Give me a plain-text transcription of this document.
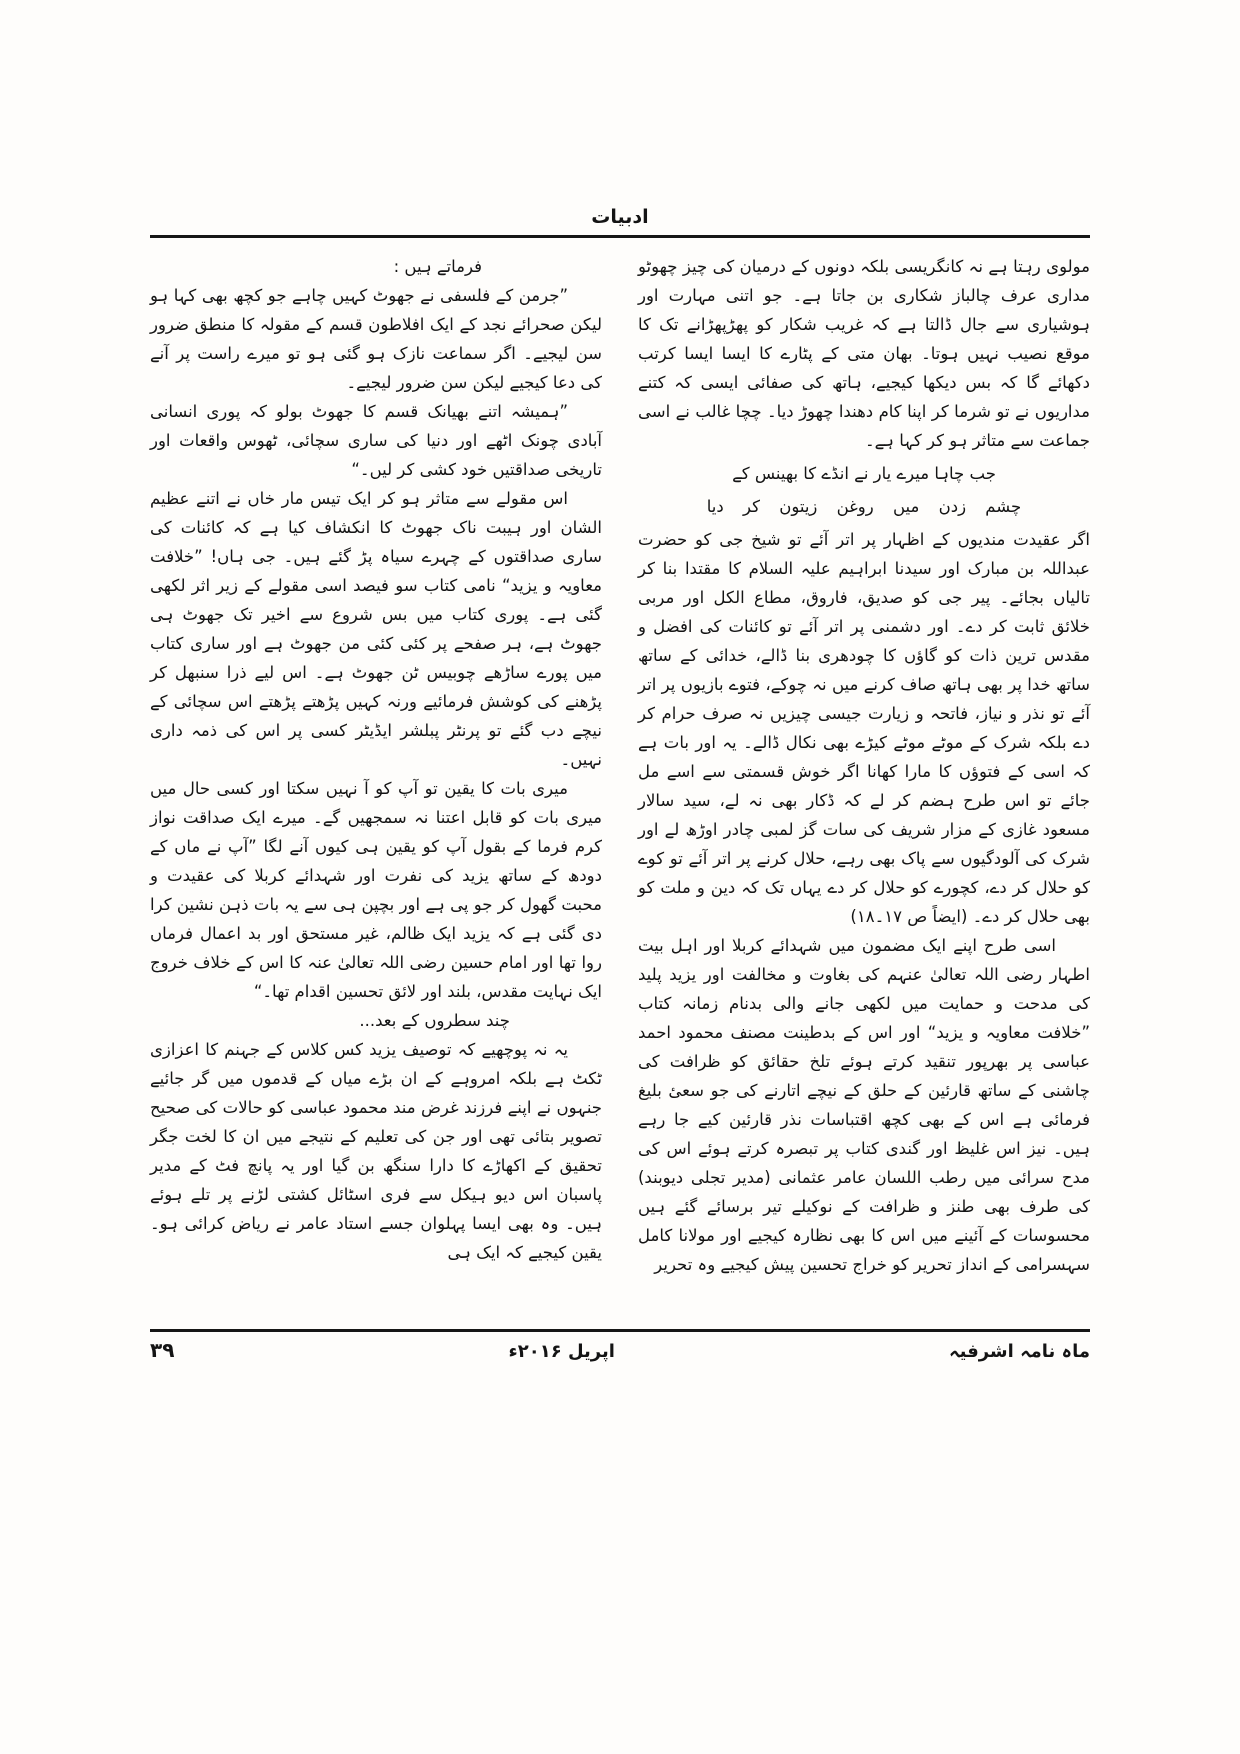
ادبیات

مولوی رہتا ہے نہ کانگریسی بلکہ دونوں کے درمیان کی چیز چھوٹو مداری عرف چالباز شکاری بن جاتا ہے۔ جو اتنی مہارت اور ہوشیاری سے جال ڈالتا ہے کہ غریب شکار کو پھڑپھڑانے تک کا موقع نصیب نہیں ہوتا۔ بھان متی کے پٹارے کا ایسا ایسا کرتب دکھائے گا کہ بس دیکھا کیجیے، ہاتھ کی صفائی ایسی کہ کتنے مداریوں نے تو شرما کر اپنا کام دھندا چھوڑ دیا۔ چچا غالب نے اسی جماعت سے متاثر ہو کر کہا ہے۔

جب چاہا میرے یار نے انڈے کا بھینس کے

چشم زدن میں روغن زیتون کر دیا

اگر عقیدت مندیوں کے اظہار پر اتر آئے تو شیخ جی کو حضرت عبداللہ بن مبارک اور سیدنا ابراہیم علیہ السلام کا مقتدا بنا کر تالیاں بجائے۔ پیر جی کو صدیق، فاروق، مطاع الکل اور مربی خلائق ثابت کر دے۔ اور دشمنی پر اتر آئے تو کائنات کی افضل و مقدس ترین ذات کو گاؤں کا چودھری بنا ڈالے، خدائی کے ساتھ ساتھ خدا پر بھی ہاتھ صاف کرنے میں نہ چوکے، فتوے بازیوں پر اتر آئے تو نذر و نیاز، فاتحہ و زیارت جیسی چیزیں نہ صرف حرام کر دے بلکہ شرک کے موٹے موٹے کیڑے بھی نکال ڈالے۔ یہ اور بات ہے کہ اسی کے فتوؤں کا مارا کھانا اگر خوش قسمتی سے اسے مل جائے تو اس طرح ہضم کر لے کہ ڈکار بھی نہ لے، سید سالار مسعود غازی کے مزار شریف کی سات گز لمبی چادر اوڑھ لے اور شرک کی آلودگیوں سے پاک بھی رہے، حلال کرنے پر اتر آئے تو کوے کو حلال کر دے، کچورے کو حلال کر دے یہاں تک کہ دین و ملت کو بھی حلال کر دے۔ (ایضاً ص ۱۷۔۱۸)

اسی طرح اپنے ایک مضمون میں شہدائے کربلا اور اہل بیت اطہار رضی اللہ تعالیٰ عنہم کی بغاوت و مخالفت اور یزید پلید کی مدحت و حمایت میں لکھی جانے والی بدنام زمانہ کتاب ”خلافت معاویہ و یزید“ اور اس کے بدطینت مصنف محمود احمد عباسی پر بھرپور تنقید کرتے ہوئے تلخ حقائق کو ظرافت کی چاشنی کے ساتھ قارئین کے حلق کے نیچے اتارنے کی جو سعیٔ بلیغ فرمائی ہے اس کے بھی کچھ اقتباسات نذر قارئین کیے جا رہے ہیں۔ نیز اس غلیظ اور گندی کتاب پر تبصرہ کرتے ہوئے اس کی مدح سرائی میں رطب اللسان عامر عثمانی (مدیر تجلی دیوبند) کی طرف بھی طنز و ظرافت کے نوکیلے تیر برسائے گئے ہیں محسوسات کے آئینے میں اس کا بھی نظارہ کیجیے اور مولانا کامل سہسرامی کے انداز تحریر کو خراج تحسین پیش کیجیے وہ تحریر

فرماتے ہیں :

”جرمن کے فلسفی نے جھوٹ کہیں چاہے جو کچھ بھی کہا ہو لیکن صحرائے نجد کے ایک افلاطون قسم کے مقولہ کا منطق ضرور سن لیجیے۔ اگر سماعت نازک ہو گئی ہو تو میرے راست پر آنے کی دعا کیجیے لیکن سن ضرور لیجیے۔

”ہمیشہ اتنے بھیانک قسم کا جھوٹ بولو کہ پوری انسانی آبادی چونک اٹھے اور دنیا کی ساری سچائی، ٹھوس واقعات اور تاریخی صداقتیں خود کشی کر لیں۔“

اس مقولے سے متاثر ہو کر ایک تیس مار خاں نے اتنے عظیم الشان اور ہیبت ناک جھوٹ کا انکشاف کیا ہے کہ کائنات کی ساری صداقتوں کے چہرے سیاہ پڑ گئے ہیں۔ جی ہاں! ”خلافت معاویہ و یزید“ نامی کتاب سو فیصد اسی مقولے کے زیر اثر لکھی گئی ہے۔ پوری کتاب میں بس شروع سے اخیر تک جھوٹ ہی جھوٹ ہے، ہر صفحے پر کئی کئی من جھوٹ ہے اور ساری کتاب میں پورے ساڑھے چوبیس ٹن جھوٹ ہے۔ اس لیے ذرا سنبھل کر پڑھنے کی کوشش فرمائیے ورنہ کہیں پڑھتے پڑھتے اس سچائی کے نیچے دب گئے تو پرنٹر پبلشر ایڈیٹر کسی پر اس کی ذمہ داری نہیں۔

میری بات کا یقین تو آپ کو آ نہیں سکتا اور کسی حال میں میری بات کو قابل اعتنا نہ سمجھیں گے۔ میرے ایک صداقت نواز کرم فرما کے بقول آپ کو یقین ہی کیوں آنے لگا ”آپ نے ماں کے دودھ کے ساتھ یزید کی نفرت اور شہدائے کربلا کی عقیدت و محبت گھول کر جو پی ہے اور بچپن ہی سے یہ بات ذہن نشین کرا دی گئی ہے کہ یزید ایک ظالم، غیر مستحق اور بد اعمال فرماں روا تھا اور امام حسین رضی اللہ تعالیٰ عنہ کا اس کے خلاف خروج ایک نہایت مقدس، بلند اور لائق تحسین اقدام تھا۔“

چند سطروں کے بعد...

یہ نہ پوچھیے کہ توصیف یزید کس کلاس کے جہنم کا اعزازی ٹکٹ ہے بلکہ امروہے کے ان بڑے میاں کے قدموں میں گر جائیے جنہوں نے اپنے فرزند غرض مند محمود عباسی کو حالات کی صحیح تصویر بتائی تھی اور جن کی تعلیم کے نتیجے میں ان کا لخت جگر تحقیق کے اکھاڑے کا دارا سنگھ بن گیا اور یہ پانچ فٹ کے مدیر پاسبان اس دیو ہیکل سے فری اسٹائل کشتی لڑنے پر تلے ہوئے ہیں۔ وہ بھی ایسا پہلوان جسے استاد عامر نے ریاض کرائی ہو۔ یقین کیجیے کہ ایک ہی

ماہ نامہ اشرفیہ
اپریل ۲۰۱۶ء
۳۹
